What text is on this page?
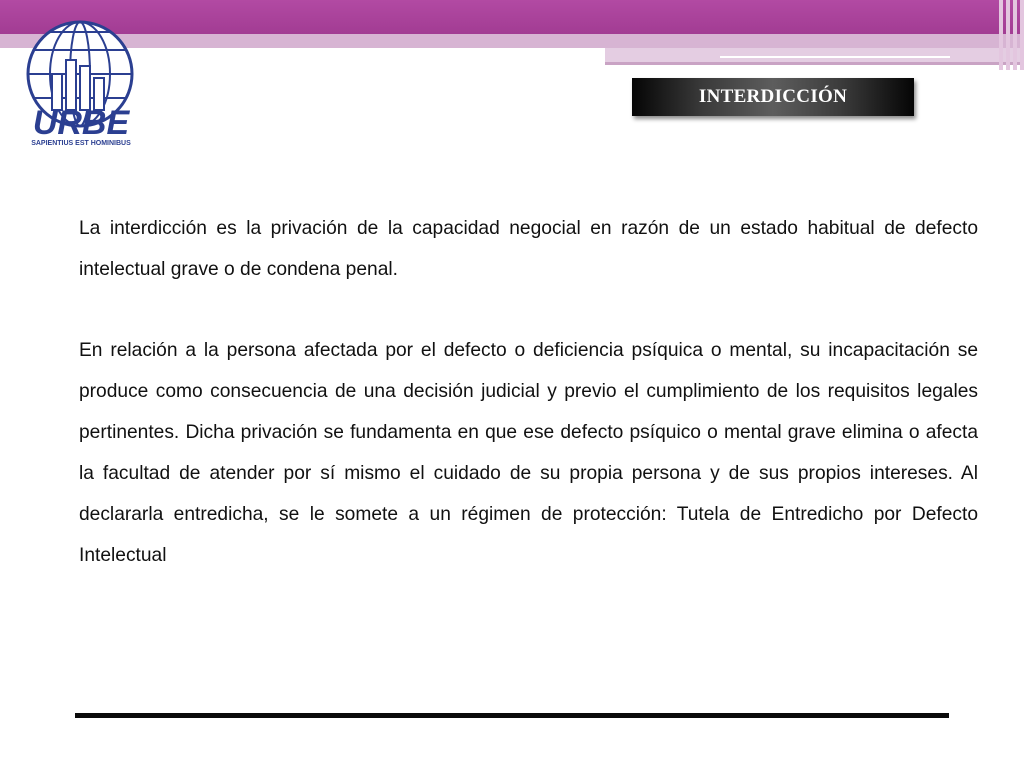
URBE
SAPIENTIUS EST HOMINIBUS
INTERDICCIÓN

La interdicción es la privación de la capacidad negocial en razón de un estado habitual de defecto intelectual grave o de condena penal.

En relación a la persona afectada por el defecto o deficiencia psíquica o mental, su incapacitación se produce como consecuencia de una decisión judicial y previo el cumplimiento de los requisitos legales pertinentes. Dicha privación se fundamenta en que ese defecto psíquico o mental grave elimina o afecta la facultad de atender por sí mismo el cuidado de su propia persona y de sus propios intereses. Al declararla entredicha, se le somete a un régimen de protección: Tutela de Entredicho por Defecto Intelectual
